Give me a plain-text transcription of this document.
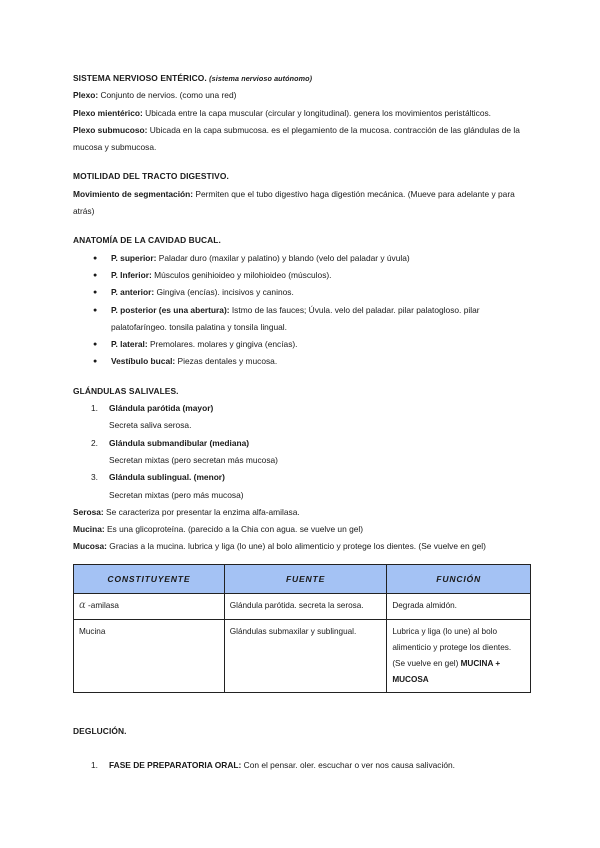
SISTEMA NERVIOSO ENTÉRICO. (sistema nervioso autónomo)
Plexo: Conjunto de nervios. (como una red)
Plexo mientérico: Ubicada entre la capa muscular (circular y longitudinal). genera los movimientos peristálticos.
Plexo submucoso: Ubicada en la capa submucosa. es el plegamiento de la mucosa. contracción de las glándulas de la mucosa y submucosa.
MOTILIDAD DEL TRACTO DIGESTIVO.
Movimiento de segmentación: Permiten que el tubo digestivo haga digestión mecánica. (Mueve para adelante y para atrás)
ANATOMÍA DE LA CAVIDAD BUCAL.
● P. superior: Paladar duro (maxilar y palatino) y blando (velo del paladar y úvula)
● P. Inferior: Músculos genihioideo y milohioideo (músculos).
● P. anterior: Gingiva (encías). incisivos y caninos.
● P. posterior (es una abertura): Istmo de las fauces; Úvula. velo del paladar. pilar palatogloso. pilar palatofaríngeo. tonsila palatina y tonsila lingual.
● P. lateral: Premolares. molares y gingiva (encías).
● Vestíbulo bucal: Piezas dentales y mucosa.
GLÁNDULAS SALIVALES.
1. Glándula parótida (mayor)
Secreta saliva serosa.
2. Glándula submandibular (mediana)
Secretan mixtas (pero secretan más mucosa)
3. Glándula sublingual. (menor)
Secretan mixtas (pero más mucosa)
Serosa: Se caracteriza por presentar la enzima alfa-amilasa.
Mucina: Es una glicoproteína. (parecido a la Chia con agua. se vuelve un gel)
Mucosa: Gracias a la mucina. lubrica y liga (lo une) al bolo alimenticio y protege los dientes. (Se vuelve en gel)
CONSTITUYENTE	FUENTE	FUNCIÓN
α -amilasa	Glándula parótida. secreta la serosa.	Degrada almidón.
Mucina	Glándulas submaxilar y sublingual.	Lubrica y liga (lo une) al bolo alimenticio y protege los dientes. (Se vuelve en gel) MUCINA + MUCOSA
DEGLUCIÓN.
1. FASE DE PREPARATORIA ORAL: Con el pensar. oler. escuchar o ver nos causa salivación.
